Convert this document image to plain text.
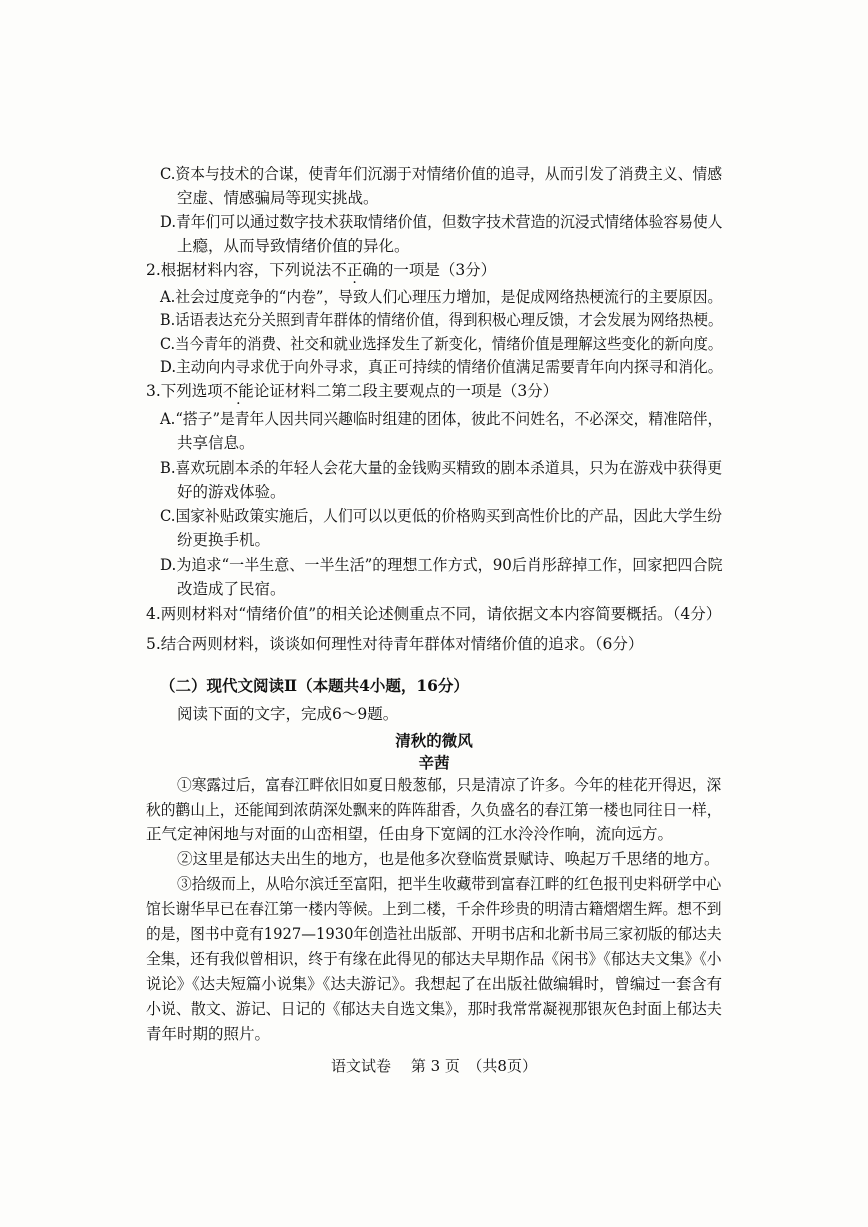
C.资本与技术的合谋，使青年们沉溺于对情绪价值的追寻，从而引发了消费主义、情感
空虚、情感骗局等现实挑战。
D.青年们可以通过数字技术获取情绪价值，但数字技术营造的沉浸式情绪体验容易使人
上瘾，从而导致情绪价值的异化。
2.根据材料内容，下列说法不正确的一项是（3分）
A.社会过度竞争的“内卷”，导致人们心理压力增加，是促成网络热梗流行的主要原因。
B.话语表达充分关照到青年群体的情绪价值，得到积极心理反馈，才会发展为网络热梗。
C.当今青年的消费、社交和就业选择发生了新变化，情绪价值是理解这些变化的新向度。
D.主动向内寻求优于向外寻求，真正可持续的情绪价值满足需要青年向内探寻和消化。
3.下列选项不能论证材料二第二段主要观点的一项是（3分）
A.“搭子”是青年人因共同兴趣临时组建的团体，彼此不问姓名，不必深交，精准陪伴，
共享信息。
B.喜欢玩剧本杀的年轻人会花大量的金钱购买精致的剧本杀道具，只为在游戏中获得更
好的游戏体验。
C.国家补贴政策实施后，人们可以以更低的价格购买到高性价比的产品，因此大学生纷
纷更换手机。
D.为追求“一半生意、一半生活”的理想工作方式，90后肖彤辞掉工作，回家把四合院
改造成了民宿。
4.两则材料对“情绪价值”的相关论述侧重点不同，请依据文本内容简要概括。（4分）
5.结合两则材料，谈谈如何理性对待青年群体对情绪价值的追求。（6分）
（二）现代文阅读Ⅱ（本题共4小题，16分）
阅读下面的文字，完成6～9题。
清秋的微风
辛茜
①寒露过后，富春江畔依旧如夏日般葱郁，只是清凉了许多。今年的桂花开得迟，深
秋的鹳山上，还能闻到浓荫深处飘来的阵阵甜香，久负盛名的春江第一楼也同往日一样，
正气定神闲地与对面的山峦相望，任由身下宽阔的江水泠泠作响，流向远方。
②这里是郁达夫出生的地方，也是他多次登临赏景赋诗、唤起万千思绪的地方。
③拾级而上，从哈尔滨迁至富阳，把半生收藏带到富春江畔的红色报刊史料研学中心
馆长谢华早已在春江第一楼内等候。上到二楼，千余件珍贵的明清古籍熠熠生辉。想不到
的是，图书中竟有1927—1930年创造社出版部、开明书店和北新书局三家初版的郁达夫
全集，还有我似曾相识，终于有缘在此得见的郁达夫早期作品《闲书》《郁达夫文集》《小
说论》《达夫短篇小说集》《达夫游记》。我想起了在出版社做编辑时，曾编过一套含有
小说、散文、游记、日记的《郁达夫自选文集》，那时我常常凝视那银灰色封面上郁达夫
青年时期的照片。
语文试卷　 第 3 页　（共8页）
